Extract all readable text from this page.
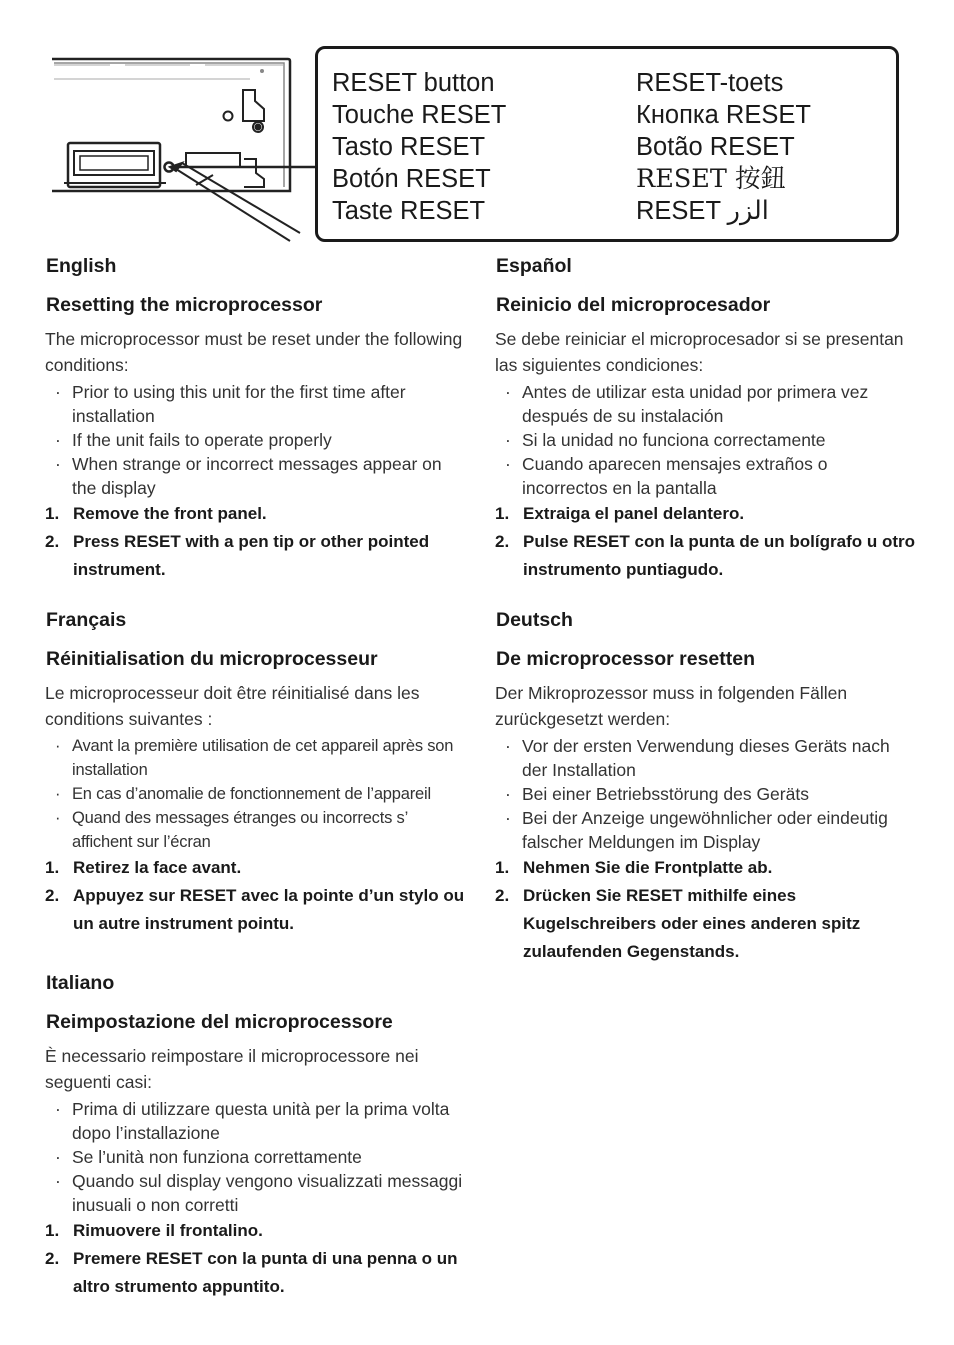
RESET button
Touche RESET
Tasto RESET
Botón RESET
Taste RESET
RESET-toets
Кнопка RESET
Botão RESET
RESET 按鈕
RESET الزر
English
Resetting the microprocessor
The microprocessor must be reset under the following conditions:
· Prior to using this unit for the first time after installation
· If the unit fails to operate properly
· When strange or incorrect messages appear on the display
1. Remove the front panel.
2. Press RESET with a pen tip or other pointed instrument.
Español
Reinicio del microprocesador
Se debe reiniciar el microprocesador si se presentan las siguientes condiciones:
· Antes de utilizar esta unidad por primera vez después de su instalación
· Si la unidad no funciona correctamente
· Cuando aparecen mensajes extraños o incorrectos en la pantalla
1. Extraiga el panel delantero.
2. Pulse RESET con la punta de un bolígrafo u otro instrumento puntiagudo.
Français
Réinitialisation du microprocesseur
Le microprocesseur doit être réinitialisé dans les conditions suivantes :
· Avant la première utilisation de cet appareil après son installation
· En cas d’anomalie de fonctionnement de l’appareil
· Quand des messages étranges ou incorrects s’ affichent sur l’écran
1. Retirez la face avant.
2. Appuyez sur RESET avec la pointe d’un stylo ou un autre instrument pointu.
Deutsch
De microprocessor resetten
Der Mikroprozessor muss in folgenden Fällen zurückgesetzt werden:
· Vor der ersten Verwendung dieses Geräts nach der Installation
· Bei einer Betriebsstörung des Geräts
· Bei der Anzeige ungewöhnlicher oder eindeutig falscher Meldungen im Display
1. Nehmen Sie die Frontplatte ab.
2. Drücken Sie RESET mithilfe eines Kugelschreibers oder eines anderen spitz zulaufenden Gegenstands.
Italiano
Reimpostazione del microprocessore
È necessario reimpostare il microprocessore nei seguenti casi:
· Prima di utilizzare questa unità per la prima volta dopo l’installazione
· Se l’unità non funziona correttamente
· Quando sul display vengono visualizzati messaggi inusuali o non corretti
1. Rimuovere il frontalino.
2. Premere RESET con la punta di una penna o un altro strumento appuntito.
